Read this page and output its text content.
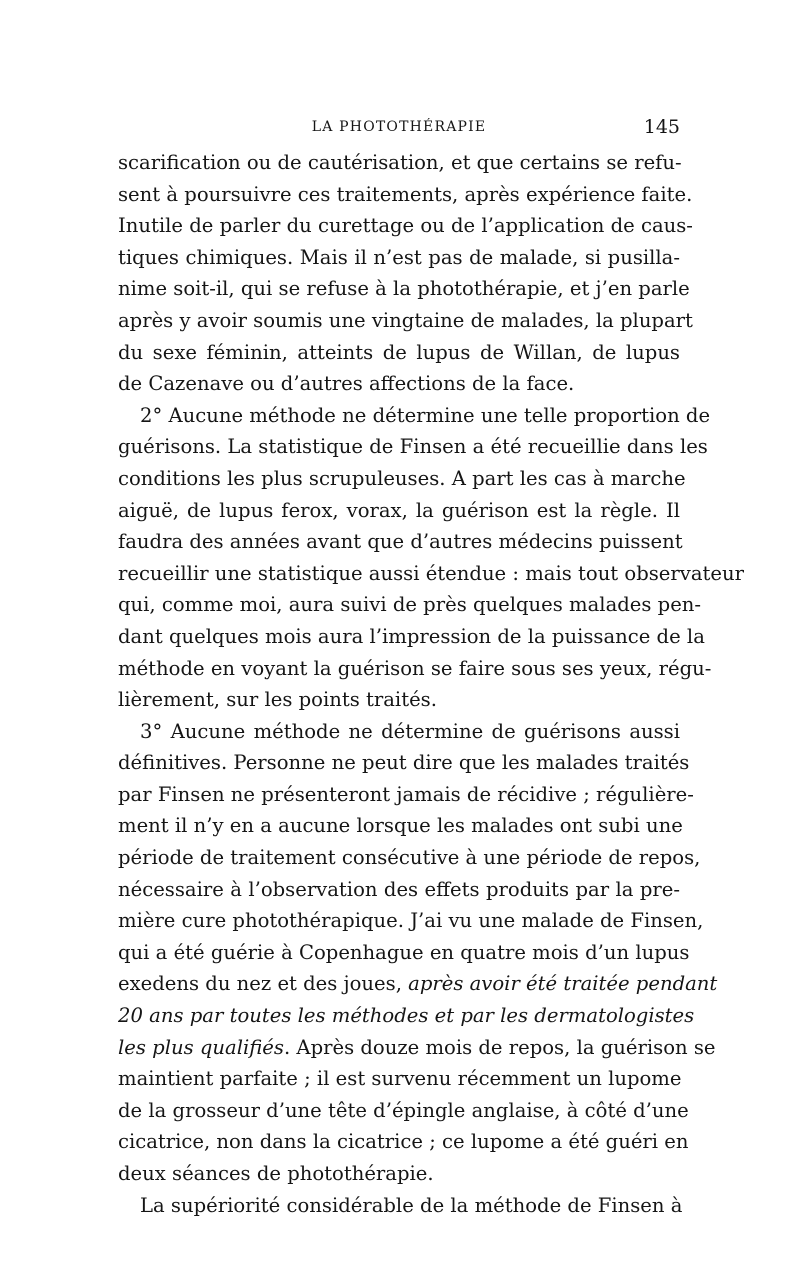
LA PHOTOTHÉRAPIE	145
scarification ou de cautérisation, et que certains se refu-
sent à poursuivre ces traitements, après expérience faite.
Inutile de parler du curettage ou de l’application de caus-
tiques chimiques. Mais il n’est pas de malade, si pusilla-
nime soit-il, qui se refuse à la photothérapie, et j’en parle
après y avoir soumis une vingtaine de malades, la plupart
du sexe féminin, atteints de lupus de Willan, de lupus
de Cazenave ou d’autres affections de la face.
2° Aucune méthode ne détermine une telle proportion de
guérisons. La statistique de Finsen a été recueillie dans les
conditions les plus scrupuleuses. A part les cas à marche
aiguë, de lupus ferox, vorax, la guérison est la règle. Il
faudra des années avant que d’autres médecins puissent
recueillir une statistique aussi étendue : mais tout observateur
qui, comme moi, aura suivi de près quelques malades pen-
dant quelques mois aura l’impression de la puissance de la
méthode en voyant la guérison se faire sous ses yeux, régu-
lièrement, sur les points traités.
3° Aucune méthode ne détermine de guérisons aussi
définitives. Personne ne peut dire que les malades traités
par Finsen ne présenteront jamais de récidive ; régulière-
ment il n’y en a aucune lorsque les malades ont subi une
période de traitement consécutive à une période de repos,
nécessaire à l’observation des effets produits par la pre-
mière cure photothérapique. J’ai vu une malade de Finsen,
qui a été guérie à Copenhague en quatre mois d’un lupus
exedens du nez et des joues, après avoir été traitée pendant
20 ans par toutes les méthodes et par les dermatologistes
les plus qualifiés. Après douze mois de repos, la guérison se
maintient parfaite ; il est survenu récemment un lupome
de la grosseur d’une tête d’épingle anglaise, à côté d’une
cicatrice, non dans la cicatrice ; ce lupome a été guéri en
deux séances de photothérapie.
La supériorité considérable de la méthode de Finsen à
